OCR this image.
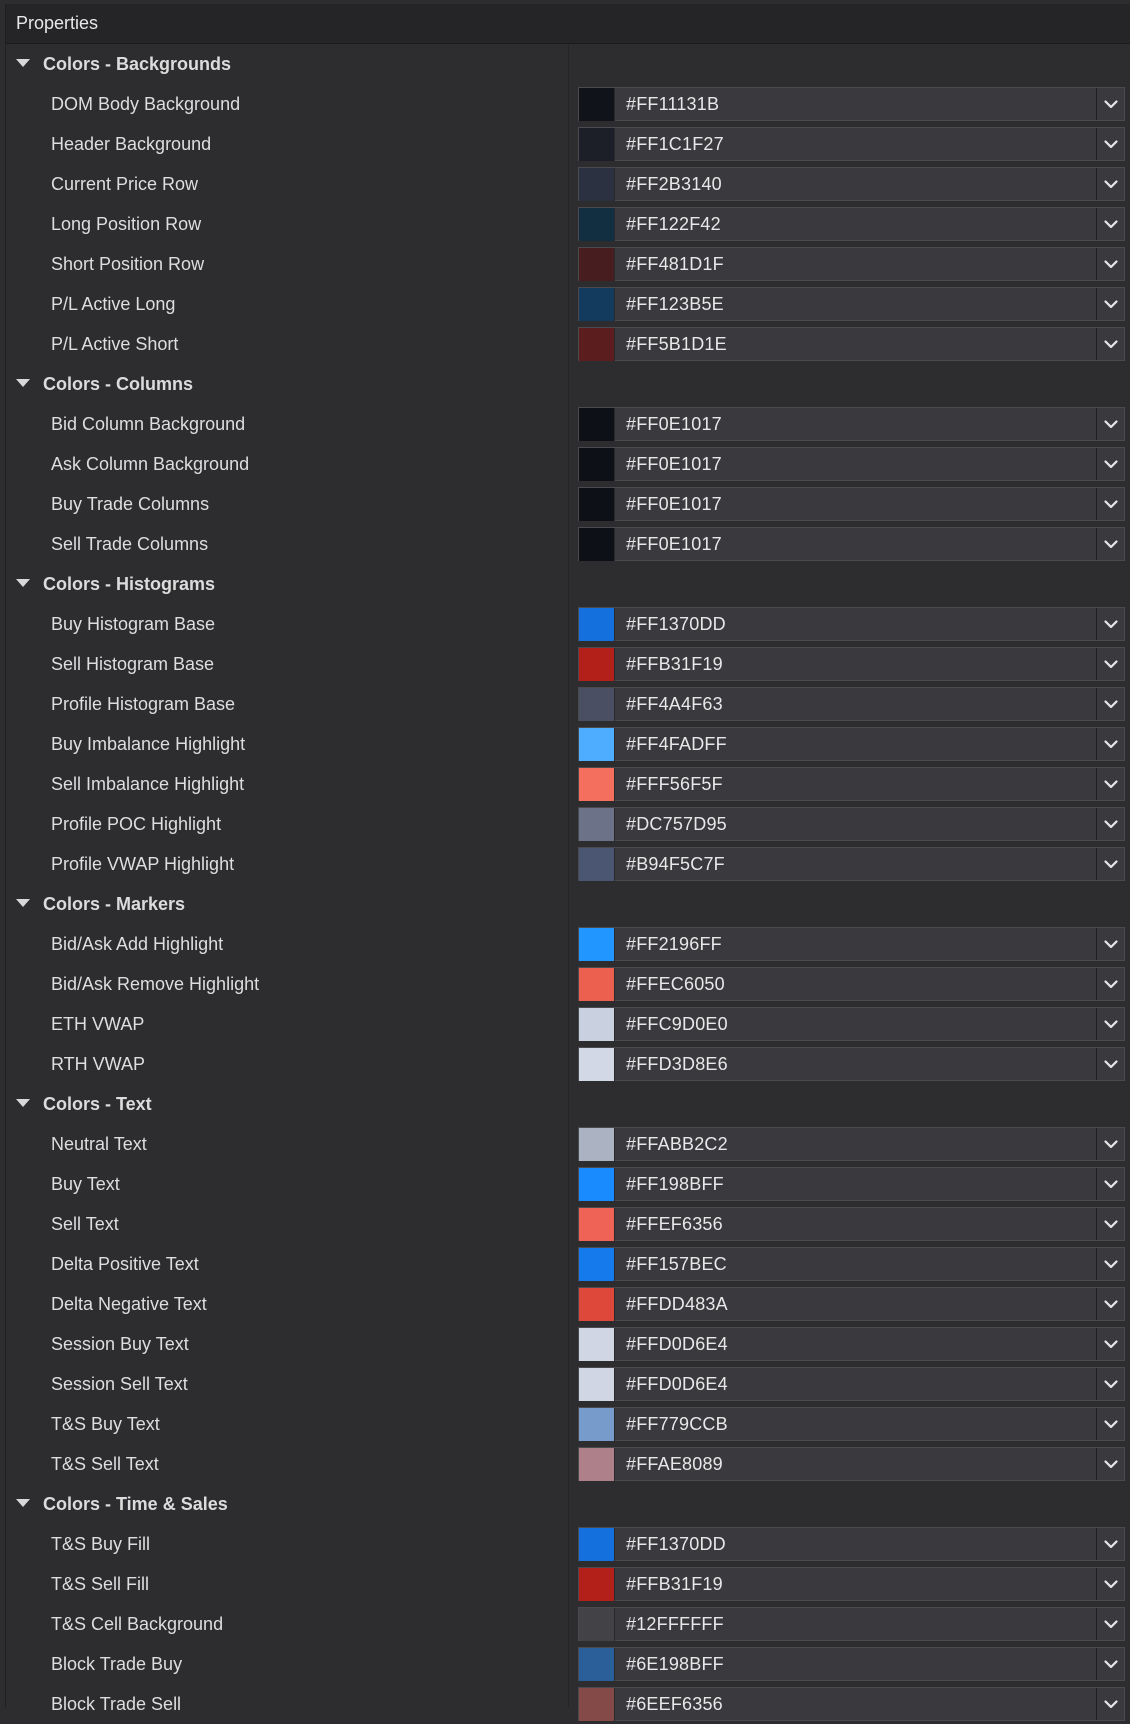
Properties
Colors - Backgrounds
DOM Body Background	#FF11131B
Header Background	#FF1C1F27
Current Price Row	#FF2B3140
Long Position Row	#FF122F42
Short Position Row	#FF481D1F
P/L Active Long	#FF123B5E
P/L Active Short	#FF5B1D1E
Colors - Columns
Bid Column Background	#FF0E1017
Ask Column Background	#FF0E1017
Buy Trade Columns	#FF0E1017
Sell Trade Columns	#FF0E1017
Colors - Histograms
Buy Histogram Base	#FF1370DD
Sell Histogram Base	#FFB31F19
Profile Histogram Base	#FF4A4F63
Buy Imbalance Highlight	#FF4FADFF
Sell Imbalance Highlight	#FFF56F5F
Profile POC Highlight	#DC757D95
Profile VWAP Highlight	#B94F5C7F
Colors - Markers
Bid/Ask Add Highlight	#FF2196FF
Bid/Ask Remove Highlight	#FFEC6050
ETH VWAP	#FFC9D0E0
RTH VWAP	#FFD3D8E6
Colors - Text
Neutral Text	#FFABB2C2
Buy Text	#FF198BFF
Sell Text	#FFEF6356
Delta Positive Text	#FF157BEC
Delta Negative Text	#FFDD483A
Session Buy Text	#FFD0D6E4
Session Sell Text	#FFD0D6E4
T&S Buy Text	#FF779CCB
T&S Sell Text	#FFAE8089
Colors - Time & Sales
T&S Buy Fill	#FF1370DD
T&S Sell Fill	#FFB31F19
T&S Cell Background	#12FFFFFF
Block Trade Buy	#6E198BFF
Block Trade Sell	#6EEF6356
